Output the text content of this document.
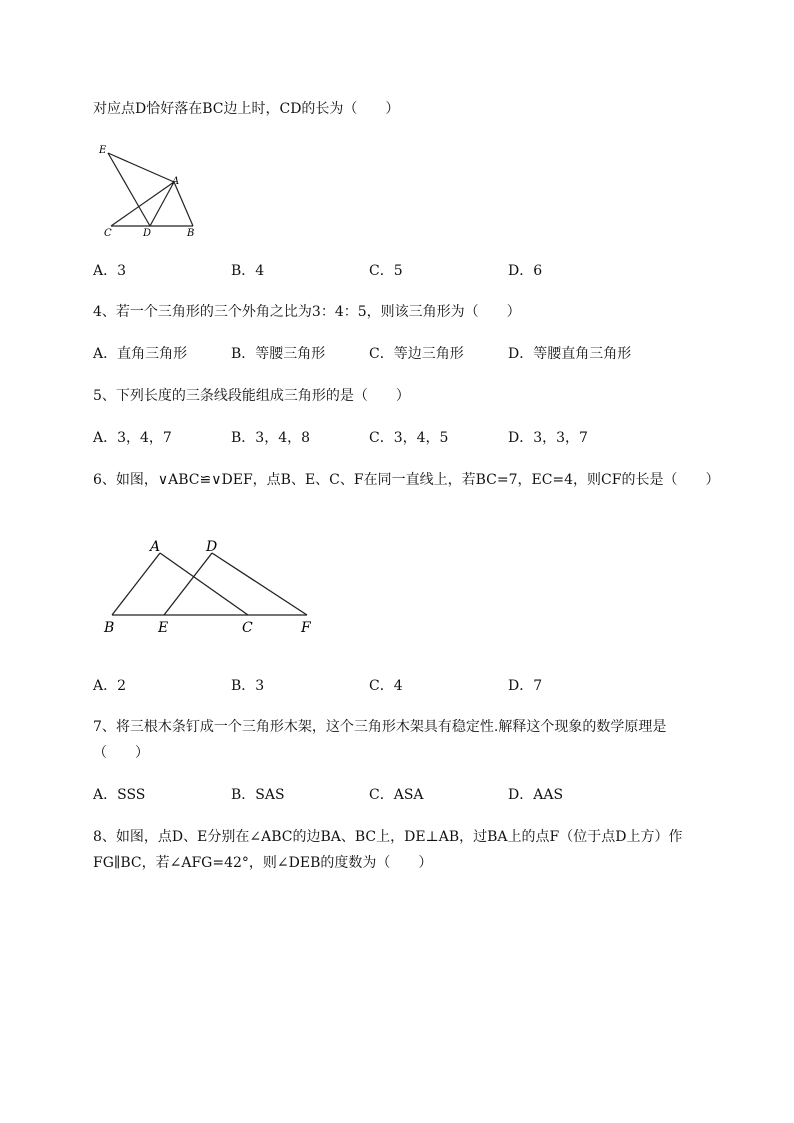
对应点D恰好落在BC边上时，CD的长为（　　）
E
A
C	D	B
A．3	B．4	C．5	D．6
4、若一个三角形的三个外角之比为3：4：5，则该三角形为（　　）
A．直角三角形	B．等腰三角形	C．等边三角形	D．等腰直角三角形
5、下列长度的三条线段能组成三角形的是（　　）
A．3，4，7	B．3，4，8	C．3，4，5	D．3，3，7
6、如图，∨ABC≌∨DEF，点B、E、C、F在同一直线上，若BC=7，EC=4，则CF的长是（　　）
A	D
B	E	C	F
A．2	B．3	C．4	D．7
7、将三根木条钉成一个三角形木架，这个三角形木架具有稳定性.解释这个现象的数学原理是
（　　）
A．SSS	B．SAS	C．ASA	D．AAS
8、如图，点D、E分别在∠ABC的边BA、BC上，DE⊥AB，过BA上的点F（位于点D上方）作
FG∥BC，若∠AFG=42°，则∠DEB的度数为（　　）
